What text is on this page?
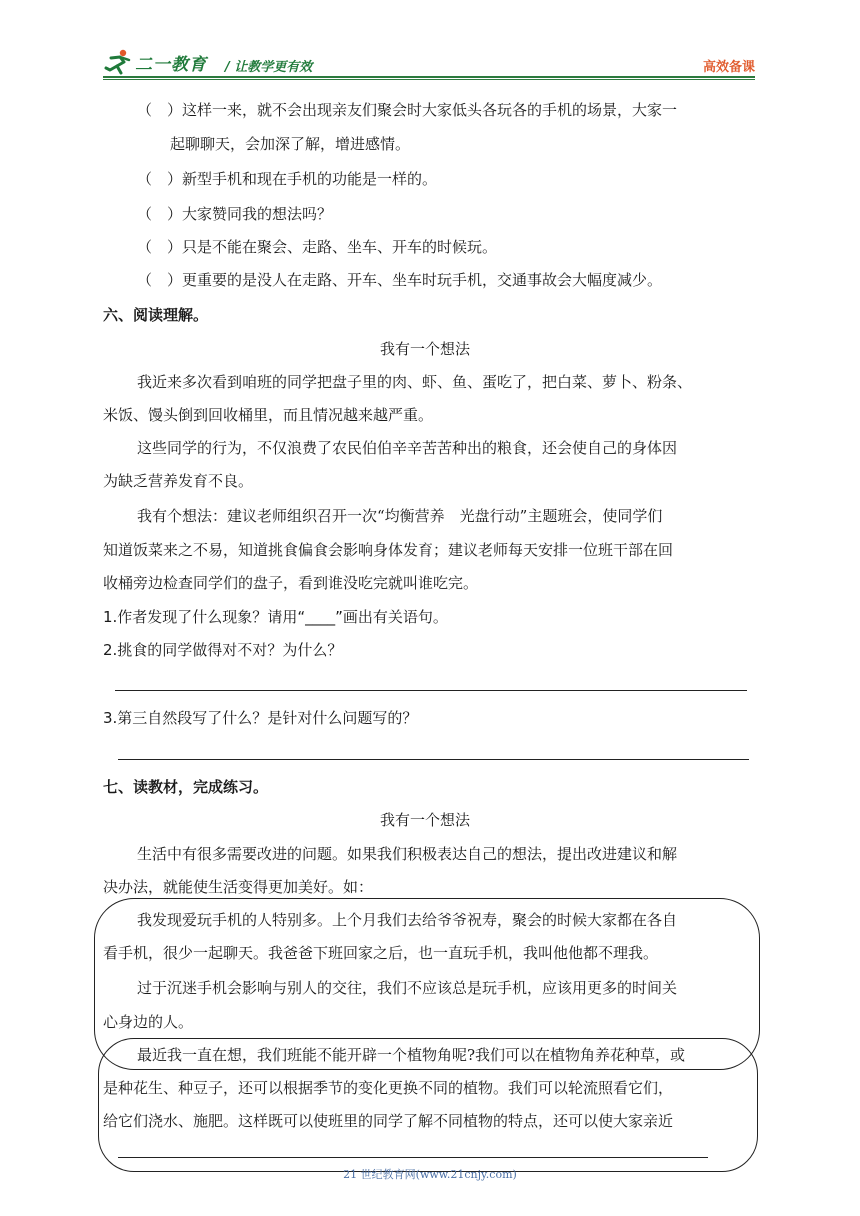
二一教育 / 让教学更有效	高效备课
（　）这样一来，就不会出现亲友们聚会时大家低头各玩各的手机的场景，大家一
起聊聊天，会加深了解，增进感情。
（　）新型手机和现在手机的功能是一样的。
（　）大家赞同我的想法吗？
（　）只是不能在聚会、走路、坐车、开车的时候玩。
（　）更重要的是没人在走路、开车、坐车时玩手机，交通事故会大幅度减少。
六、阅读理解。
我有一个想法
我近来多次看到咱班的同学把盘子里的肉、虾、鱼、蛋吃了，把白菜、萝卜、粉条、
米饭、馒头倒到回收桶里，而且情况越来越严重。
这些同学的行为，不仅浪费了农民伯伯辛辛苦苦种出的粮食，还会使自己的身体因
为缺乏营养发育不良。
我有个想法：建议老师组织召开一次“均衡营养　光盘行动”主题班会，使同学们
知道饭菜来之不易，知道挑食偏食会影响身体发育；建议老师每天安排一位班干部在回
收桶旁边检查同学们的盘子，看到谁没吃完就叫谁吃完。
1.作者发现了什么现象？请用“____”画出有关语句。
2.挑食的同学做得对不对？为什么？
3.第三自然段写了什么？是针对什么问题写的？
七、读教材，完成练习。
我有一个想法
生活中有很多需要改进的问题。如果我们积极表达自己的想法，提出改进建议和解
决办法，就能使生活变得更加美好。如：
我发现爱玩手机的人特别多。上个月我们去给爷爷祝寿，聚会的时候大家都在各自
看手机，很少一起聊天。我爸爸下班回家之后，也一直玩手机，我叫他他都不理我。
过于沉迷手机会影响与别人的交往，我们不应该总是玩手机，应该用更多的时间关
心身边的人。
最近我一直在想，我们班能不能开辟一个植物角呢?我们可以在植物角养花种草，或
是种花生、种豆子，还可以根据季节的变化更换不同的植物。我们可以轮流照看它们，
给它们浇水、施肥。这样既可以使班里的同学了解不同植物的特点，还可以使大家亲近
21 世纪教育网(www.21cnjy.com)
